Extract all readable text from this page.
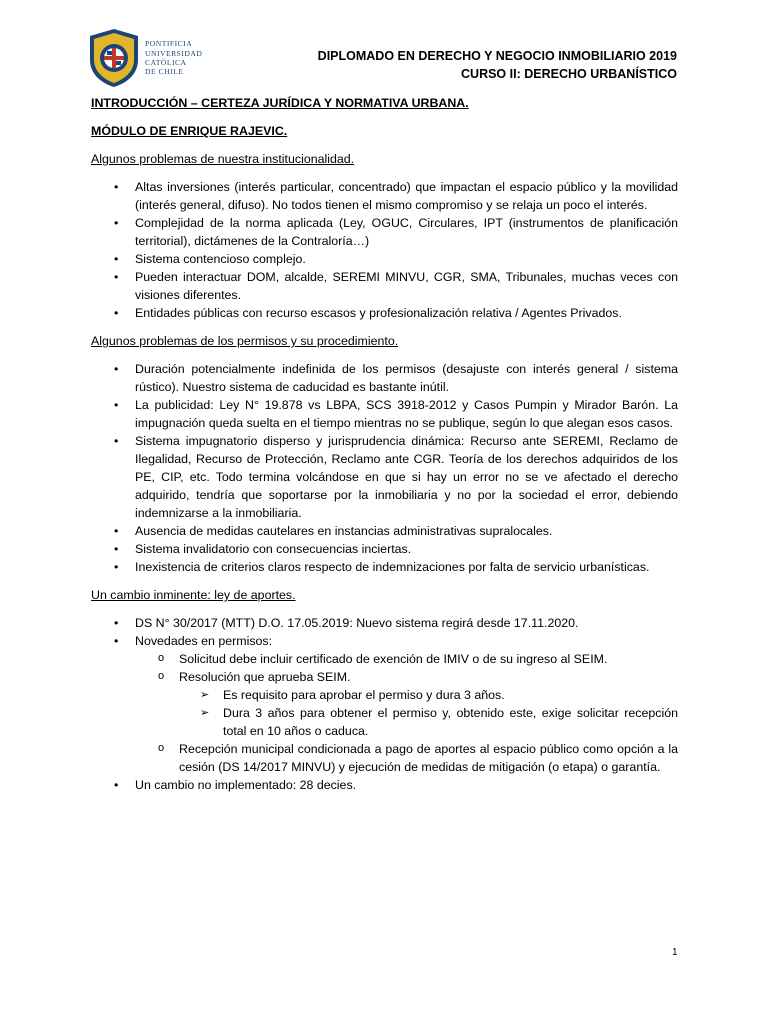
PONTIFICIA
UNIVERSIDAD
CATÓLICA
DE CHILE
DIPLOMADO EN DERECHO Y NEGOCIO INMOBILIARIO 2019
CURSO II: DERECHO URBANÍSTICO

INTRODUCCIÓN – CERTEZA JURÍDICA Y NORMATIVA URBANA.

MÓDULO DE ENRIQUE RAJEVIC.

Algunos problemas de nuestra institucionalidad.

• Altas inversiones (interés particular, concentrado) que impactan el espacio público y la movilidad (interés general, difuso). No todos tienen el mismo compromiso y se relaja un poco el interés.
• Complejidad de la norma aplicada (Ley, OGUC, Circulares, IPT (instrumentos de planificación territorial), dictámenes de la Contraloría…)
• Sistema contencioso complejo.
• Pueden interactuar DOM, alcalde, SEREMI MINVU, CGR, SMA, Tribunales, muchas veces con visiones diferentes.
• Entidades públicas con recurso escasos y profesionalización relativa / Agentes Privados.

Algunos problemas de los permisos y su procedimiento.

• Duración potencialmente indefinida de los permisos (desajuste con interés general / sistema rústico). Nuestro sistema de caducidad es bastante inútil.
• La publicidad: Ley N° 19.878 vs LBPA, SCS 3918-2012 y Casos Pumpin y Mirador Barón. La impugnación queda suelta en el tiempo mientras no se publique, según lo que alegan esos casos.
• Sistema impugnatorio disperso y jurisprudencia dinámica: Recurso ante SEREMI, Reclamo de Ilegalidad, Recurso de Protección, Reclamo ante CGR. Teoría de los derechos adquiridos de los PE, CIP, etc. Todo termina volcándose en que si hay un error no se ve afectado el derecho adquirido, tendría que soportarse por la inmobiliaria y no por la sociedad el error, debiendo indemnizarse a la inmobiliaria.
• Ausencia de medidas cautelares en instancias administrativas supralocales.
• Sistema invalidatorio con consecuencias inciertas.
• Inexistencia de criterios claros respecto de indemnizaciones por falta de servicio urbanísticas.

Un cambio inminente: ley de aportes.

• DS N° 30/2017 (MTT) D.O. 17.05.2019: Nuevo sistema regirá desde 17.11.2020.
• Novedades en permisos:
o Solicitud debe incluir certificado de exención de IMIV o de su ingreso al SEIM.
o Resolución que aprueba SEIM.
➢ Es requisito para aprobar el permiso y dura 3 años.
➢ Dura 3 años para obtener el permiso y, obtenido este, exige solicitar recepción total en 10 años o caduca.
o Recepción municipal condicionada a pago de aportes al espacio público como opción a la cesión (DS 14/2017 MINVU) y ejecución de medidas de mitigación (o etapa) o garantía.
• Un cambio no implementado: 28 decies.
1
